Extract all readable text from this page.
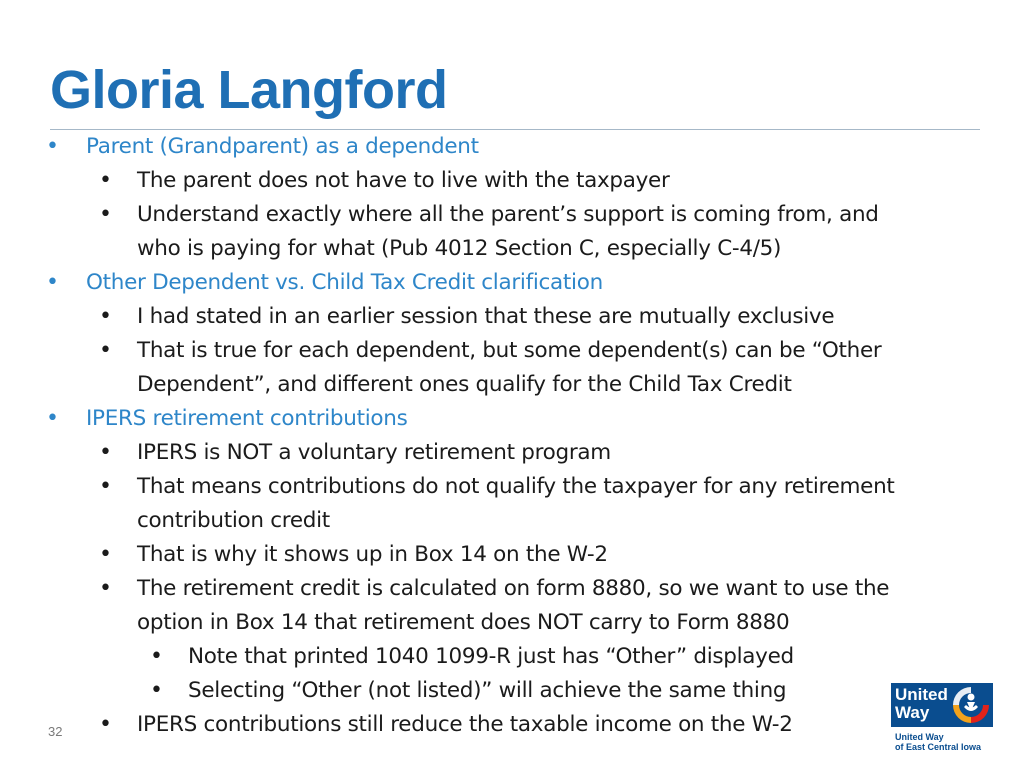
Gloria Langford
• Parent (Grandparent) as a dependent
• The parent does not have to live with the taxpayer
• Understand exactly where all the parent’s support is coming from, and
who is paying for what (Pub 4012 Section C, especially C-4/5)
• Other Dependent vs. Child Tax Credit clarification
• I had stated in an earlier session that these are mutually exclusive
• That is true for each dependent, but some dependent(s) can be “Other
Dependent”, and different ones qualify for the Child Tax Credit
• IPERS retirement contributions
• IPERS is NOT a voluntary retirement program
• That means contributions do not qualify the taxpayer for any retirement
contribution credit
• That is why it shows up in Box 14 on the W-2
• The retirement credit is calculated on form 8880, so we want to use the
option in Box 14 that retirement does NOT carry to Form 8880
• Note that printed 1040 1099-R just has “Other” displayed
• Selecting “Other (not listed)” will achieve the same thing
• IPERS contributions still reduce the taxable income on the W-2
32
United
Way
United Way
of East Central Iowa
